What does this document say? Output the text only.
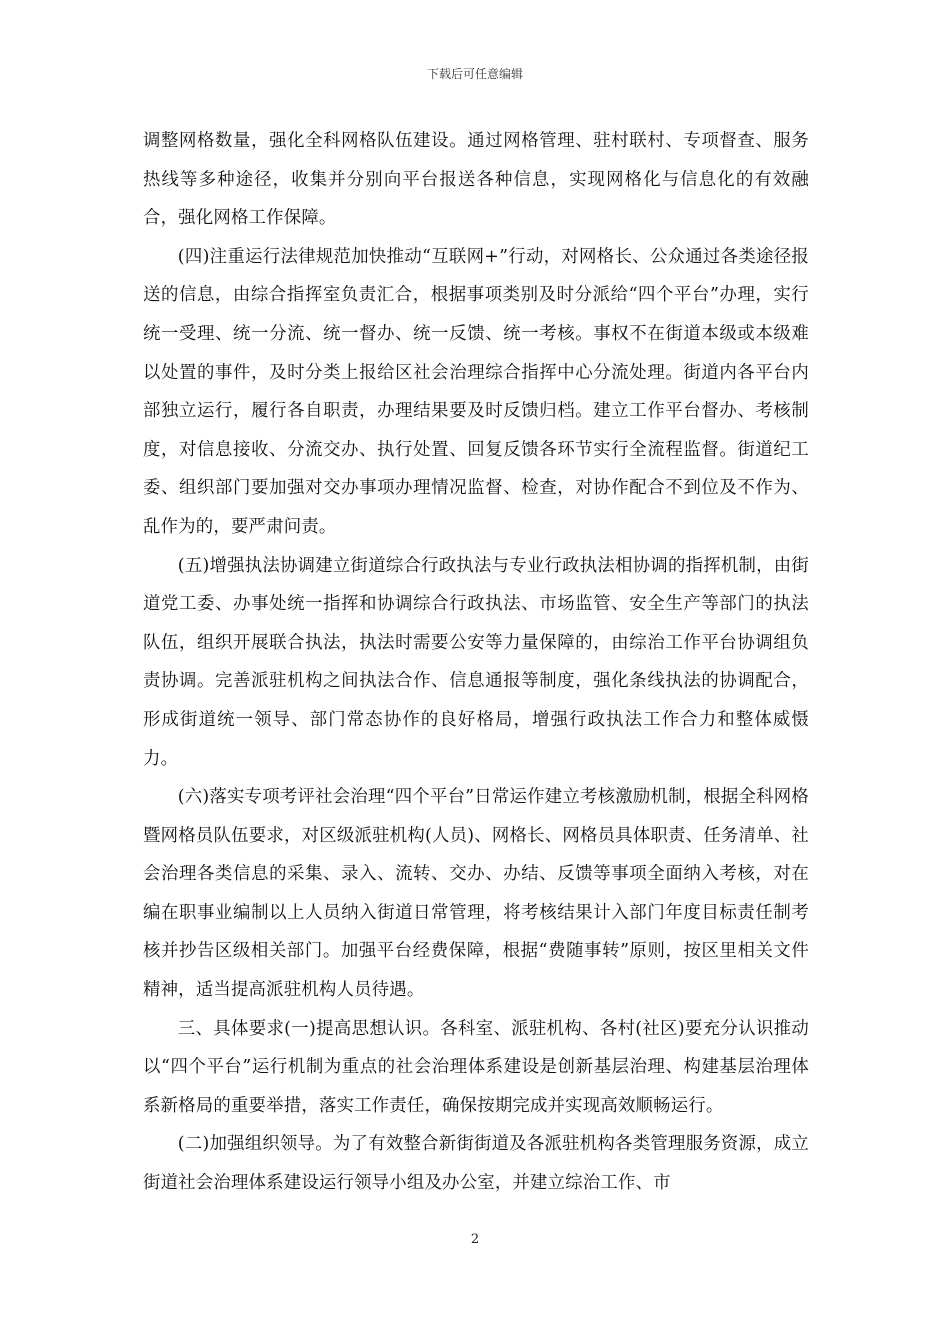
下载后可任意编辑

调整网格数量，强化全科网格队伍建设。通过网格管理、驻村联村、专项督查、服务热线等多种途径，收集并分别向平台报送各种信息，实现网格化与信息化的有效融合，强化网格工作保障。

(四)注重运行法律规范加快推动“互联网+”行动，对网格长、公众通过各类途径报送的信息，由综合指挥室负责汇合，根据事项类别及时分派给“四个平台”办理，实行统一受理、统一分流、统一督办、统一反馈、统一考核。事权不在街道本级或本级难以处置的事件，及时分类上报给区社会治理综合指挥中心分流处理。街道内各平台内部独立运行，履行各自职责，办理结果要及时反馈归档。建立工作平台督办、考核制度，对信息接收、分流交办、执行处置、回复反馈各环节实行全流程监督。街道纪工委、组织部门要加强对交办事项办理情况监督、检查，对协作配合不到位及不作为、乱作为的，要严肃问责。

(五)增强执法协调建立街道综合行政执法与专业行政执法相协调的指挥机制，由街道党工委、办事处统一指挥和协调综合行政执法、市场监管、安全生产等部门的执法队伍，组织开展联合执法，执法时需要公安等力量保障的，由综治工作平台协调组负责协调。完善派驻机构之间执法合作、信息通报等制度，强化条线执法的协调配合，形成街道统一领导、部门常态协作的良好格局，增强行政执法工作合力和整体威慑力。

(六)落实专项考评社会治理“四个平台”日常运作建立考核激励机制，根据全科网格暨网格员队伍要求，对区级派驻机构(人员)、网格长、网格员具体职责、任务清单、社会治理各类信息的采集、录入、流转、交办、办结、反馈等事项全面纳入考核，对在编在职事业编制以上人员纳入街道日常管理，将考核结果计入部门年度目标责任制考核并抄告区级相关部门。加强平台经费保障，根据“费随事转”原则，按区里相关文件精神，适当提高派驻机构人员待遇。

三、具体要求(一)提高思想认识。各科室、派驻机构、各村(社区)要充分认识推动以“四个平台”运行机制为重点的社会治理体系建设是创新基层治理、构建基层治理体系新格局的重要举措，落实工作责任，确保按期完成并实现高效顺畅运行。

(二)加强组织领导。为了有效整合新街街道及各派驻机构各类管理服务资源，成立街道社会治理体系建设运行领导小组及办公室，并建立综治工作、市

2
